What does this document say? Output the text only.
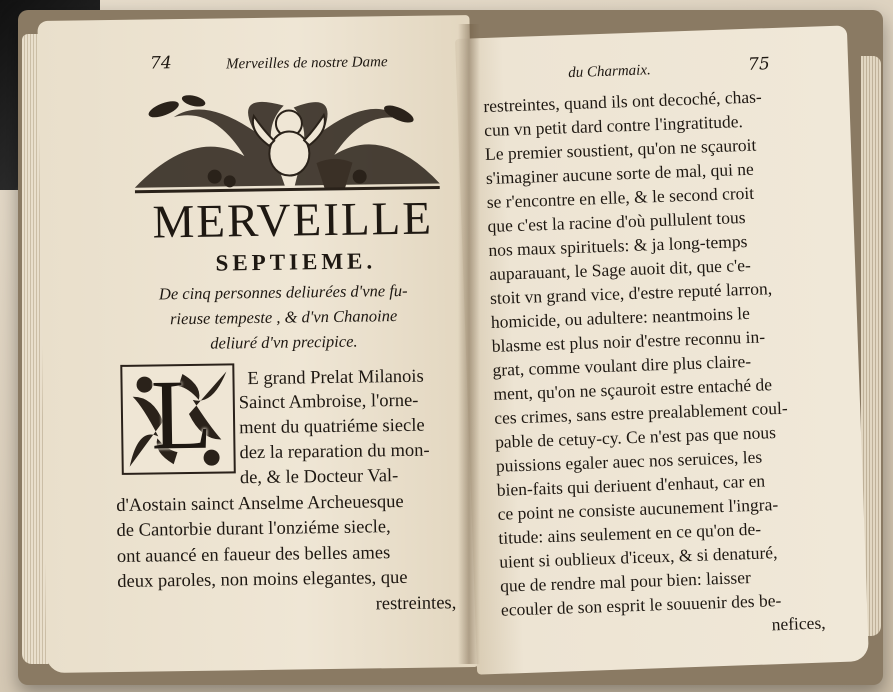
74	Merveilles de nostre Dame
MERVEILLE
SEPTIEME.
De cinq personnes deliurées d'vne fu-
rieuse tempeste , & d'vn Chanoine
deliuré d'vn precipice.
L E grand Prelat Milanois
Sainct Ambroise, l'orne-
ment du quatriéme siecle
dez la reparation du mon-
de, & le Docteur Val-
d'Aostain sainct Anselme Archeuesque
de Cantorbie durant l'onziéme siecle,
ont auancé en faueur des belles ames
deux paroles, non moins elegantes, que
restreintes,
du Charmaix.	75
restreintes, quand ils ont decoché, chas-
cun vn petit dard contre l'ingratitude.
Le premier soustient, qu'on ne sçauroit
s'imaginer aucune sorte de mal, qui ne
se r'encontre en elle, & le second croit
que c'est la racine d'où pullulent tous
nos maux spirituels: & ja long-temps
auparauant, le Sage auoit dit, que c'e-
stoit vn grand vice, d'estre reputé larron,
homicide, ou adultere: neantmoins le
blasme est plus noir d'estre reconnu in-
grat, comme voulant dire plus claire-
ment, qu'on ne sçauroit estre entaché de
ces crimes, sans estre prealablement coul-
pable de cetuy-cy. Ce n'est pas que nous
puissions egaler auec nos seruices, les
bien-faits qui deriuent d'enhaut, car en
ce point ne consiste aucunement l'ingra-
titude: ains seulement en ce qu'on de-
uient si oublieux d'iceux, & si denaturé,
que de rendre mal pour bien: laisser
ecouler de son esprit le souuenir des be-
nefices,
